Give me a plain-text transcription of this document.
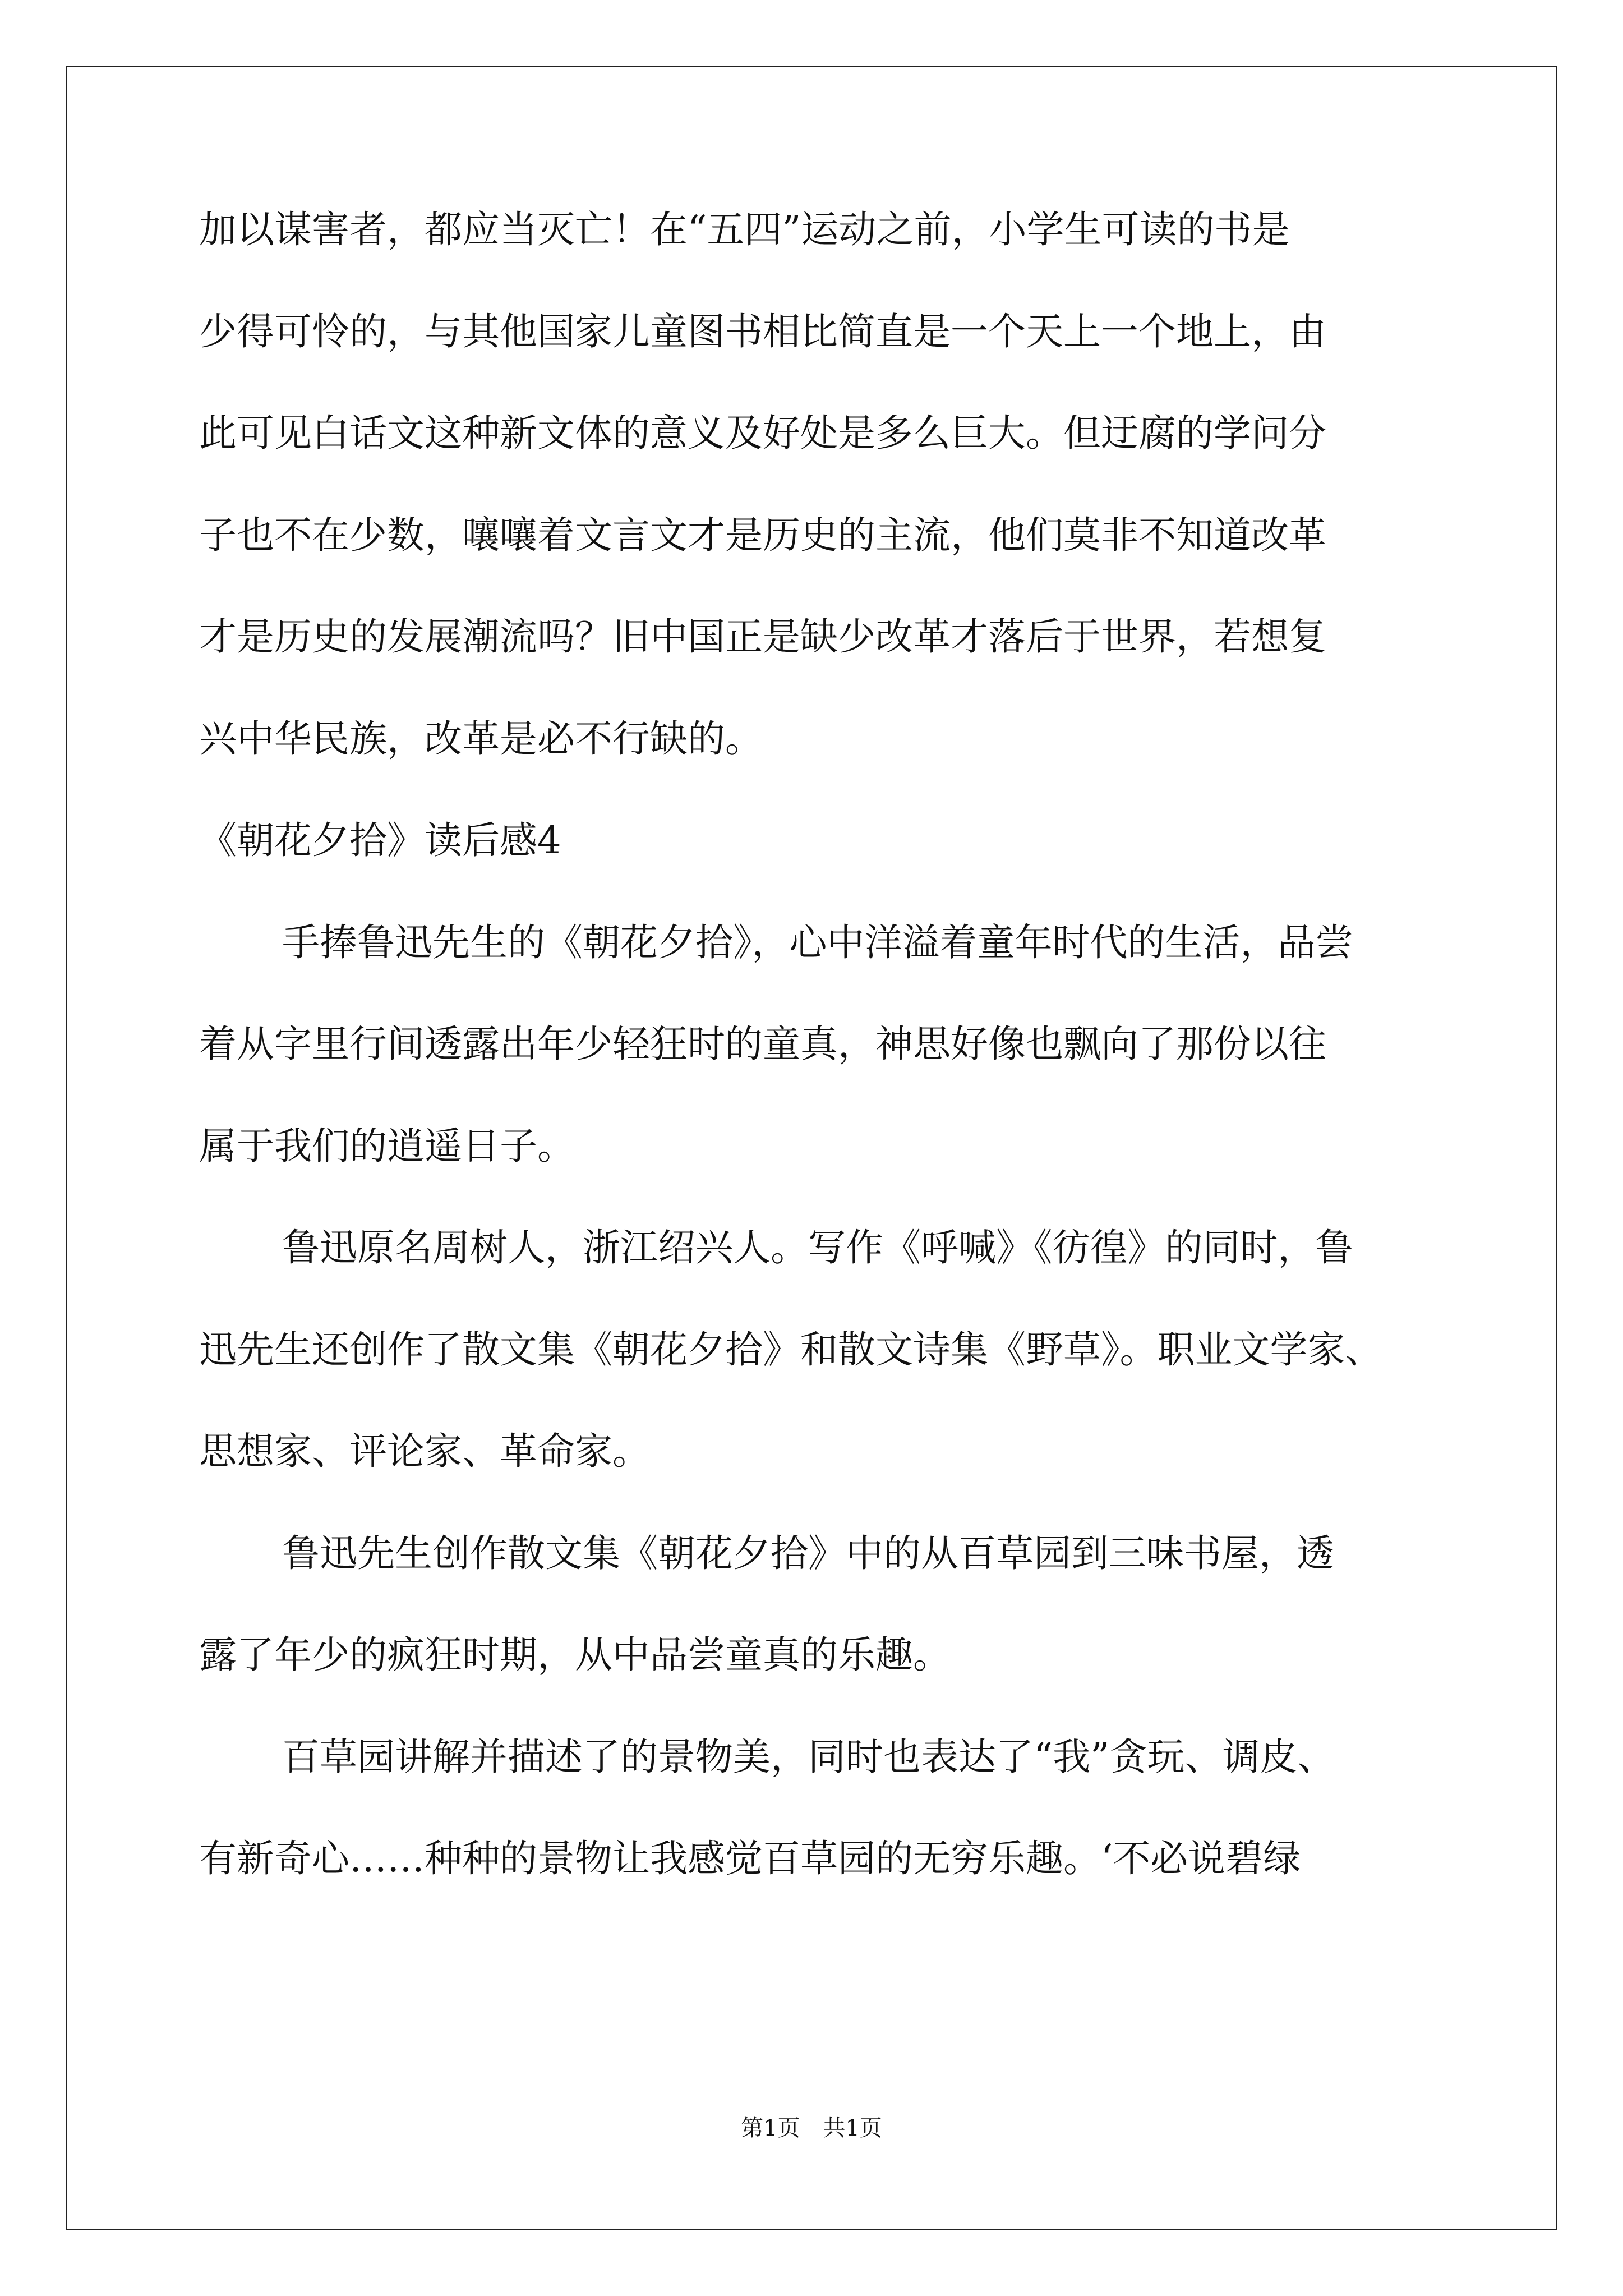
加以谋害者，都应当灭亡！在“五四”运动之前，小学生可读的书是
少得可怜的，与其他国家儿童图书相比简直是一个天上一个地上，由
此可见白话文这种新文体的意义及好处是多么巨大。但迂腐的学问分
子也不在少数，嚷嚷着文言文才是历史的主流，他们莫非不知道改革
才是历史的发展潮流吗？旧中国正是缺少改革才落后于世界，若想复
兴中华民族，改革是必不行缺的。
《朝花夕拾》读后感4
手捧鲁迅先生的《朝花夕拾》，心中洋溢着童年时代的生活，品尝
着从字里行间透露出年少轻狂时的童真，神思好像也飘向了那份以往
属于我们的逍遥日子。
鲁迅原名周树人，浙江绍兴人。写作《呼喊》《彷徨》的同时，鲁
迅先生还创作了散文集《朝花夕拾》和散文诗集《野草》。职业文学家、
思想家、评论家、革命家。
鲁迅先生创作散文集《朝花夕拾》中的从百草园到三味书屋，透
露了年少的疯狂时期，从中品尝童真的乐趣。
百草园讲解并描述了的景物美，同时也表达了“我”贪玩、调皮、
有新奇心……种种的景物让我感觉百草园的无穷乐趣。‘不必说碧绿
第1页 共1页
